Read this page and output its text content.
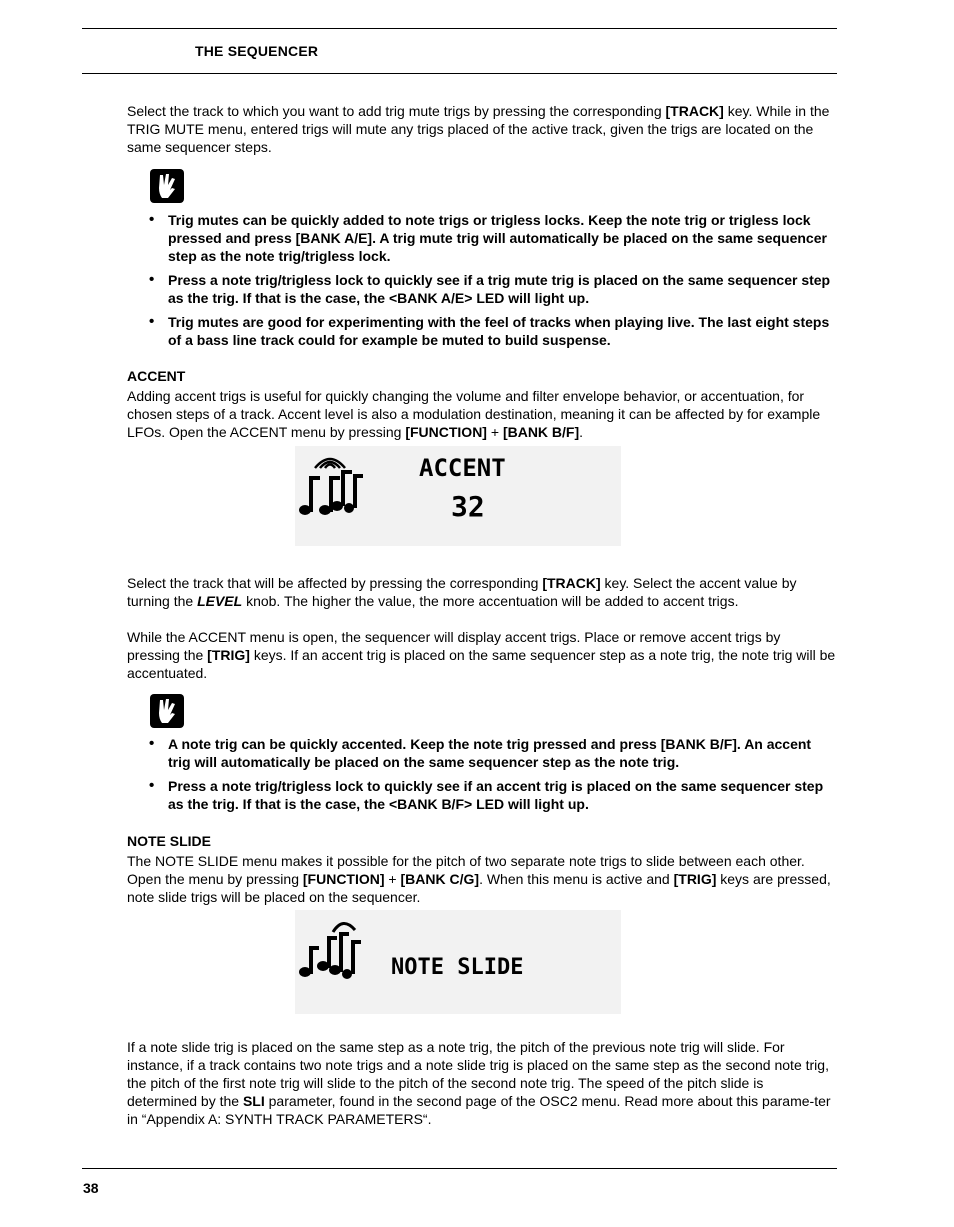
THE SEQUENCER

Select the track to which you want to add trig mute trigs by pressing the corresponding [TRACK] key. While in the TRIG MUTE menu, entered trigs will mute any trigs placed of the active track, given the trigs are located on the same sequencer steps.

• Trig mutes can be quickly added to note trigs or trigless locks. Keep the note trig or trigless lock pressed and press [BANK A/E]. A trig mute trig will automatically be placed on the same sequencer step as the note trig/trigless lock.
• Press a note trig/trigless lock to quickly see if a trig mute trig is placed on the same sequencer step as the trig. If that is the case, the <BANK A/E> LED will light up.
• Trig mutes are good for experimenting with the feel of tracks when playing live. The last eight steps of a bass line track could for example be muted to build suspense.

ACCENT

Adding accent trigs is useful for quickly changing the volume and filter envelope behavior, or accentuation, for chosen steps of a track. Accent level is also a modulation destination, meaning it can be affected by for example LFOs. Open the ACCENT menu by pressing [FUNCTION] + [BANK B/F].

ACCENT
32

Select the track that will be affected by pressing the corresponding [TRACK] key. Select the accent value by turning the LEVEL knob. The higher the value, the more accentuation will be added to accent trigs.

While the ACCENT menu is open, the sequencer will display accent trigs. Place or remove accent trigs by pressing the [TRIG] keys. If an accent trig is placed on the same sequencer step as a note trig, the note trig will be accentuated.

• A note trig can be quickly accented. Keep the note trig pressed and press [BANK B/F]. An accent trig will automatically be placed on the same sequencer step as the note trig.
• Press a note trig/trigless lock to quickly see if an accent trig is placed on the same sequencer step as the trig. If that is the case, the <BANK B/F> LED will light up.

NOTE SLIDE

The NOTE SLIDE menu makes it possible for the pitch of two separate note trigs to slide between each other. Open the menu by pressing [FUNCTION] + [BANK C/G]. When this menu is active and [TRIG] keys are pressed, note slide trigs will be placed on the sequencer.

NOTE SLIDE

If a note slide trig is placed on the same step as a note trig, the pitch of the previous note trig will slide. For instance, if a track contains two note trigs and a note slide trig is placed on the same step as the second note trig, the pitch of the first note trig will slide to the pitch of the second note trig. The speed of the pitch slide is determined by the SLI parameter, found in the second page of the OSC2 menu. Read more about this parame-ter in “Appendix A: SYNTH TRACK PARAMETERS“.

38
